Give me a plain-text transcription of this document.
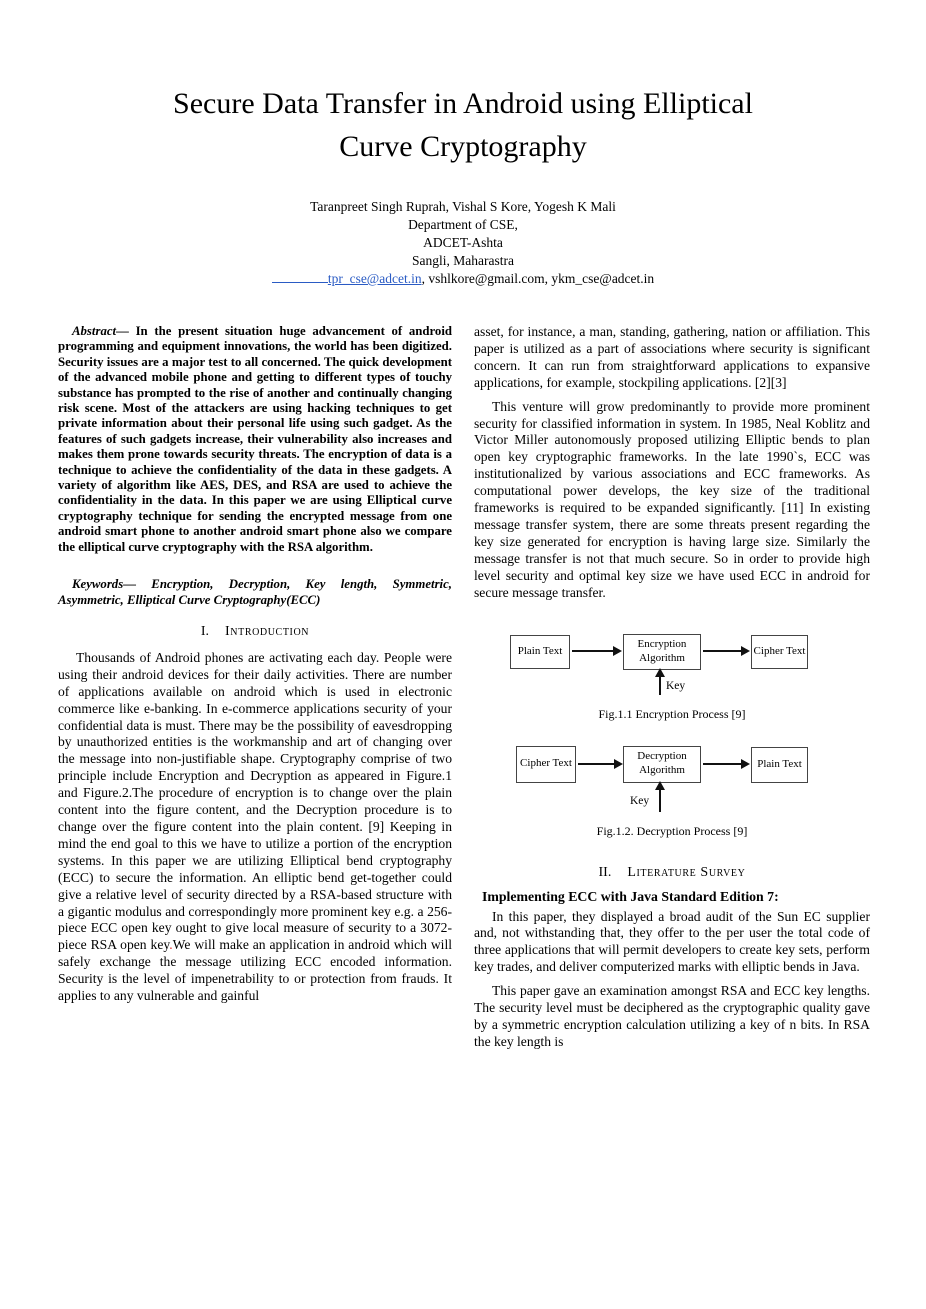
Secure Data Transfer in Android using Elliptical
Curve Cryptography
Taranpreet Singh Ruprah, Vishal S Kore, Yogesh K Mali
Department of CSE,
ADCET-Ashta
Sangli, Maharastra
tpr_cse@adcet.in, vshlkore@gmail.com, ykm_cse@adcet.in

Abstract— In the present situation huge advancement of android programming and equipment innovations, the world has been digitized. Security issues are a major test to all concerned. The quick development of the advanced mobile phone and getting to different types of touchy substance has prompted to the rise of another and continually changing risk scene. Most of the attackers are using hacking techniques to get private information about their personal life using such gadget. As the features of such gadgets increase, their vulnerability also increases and makes them prone towards security threats. The encryption of data is a technique to achieve the confidentiality of the data in these gadgets. A variety of algorithm like AES, DES, and RSA are used to achieve the confidentiality in the data. In this paper we are using Elliptical curve cryptography technique for sending the encrypted message from one android smart phone to another android smart phone also we compare the elliptical curve cryptography with the RSA algorithm.

Keywords— Encryption, Decryption, Key length, Symmetric, Asymmetric, Elliptical Curve Cryptography(ECC)

I. Introduction

Thousands of Android phones are activating each day. People were using their android devices for their daily activities. There are number of applications available on android which is used in electronic commerce like e-banking. In e-commerce applications security of your confidential data is must. There may be the possibility of eavesdropping by unauthorized entities is the workmanship and art of changing over the message into non-justifiable shape. Cryptography comprise of two principle include Encryption and Decryption as appeared in Figure.1 and Figure.2.The procedure of encryption is to change over the plain content into the figure content, and the Decryption procedure is to change over the figure content into the plain content. [9] Keeping in mind the end goal to this we have to utilize a portion of the encryption systems. In this paper we are utilizing Elliptical bend cryptography (ECC) to secure the information. An elliptic bend get-together could give a relative level of security directed by a RSA-based structure with a gigantic modulus and correspondingly more prominent key e.g. a 256-piece ECC open key ought to give local measure of security to a 3072-piece RSA open key.We will make an application in android which will safely exchange the message utilizing ECC encoded information. Security is the level of impenetrability to or protection from frauds. It applies to any vulnerable and gainful

asset, for instance, a man, standing, gathering, nation or affiliation. This paper is utilized as a part of associations where security is significant concern. It can run from straightforward applications to expansive applications, for example, stockpiling applications. [2][3]

This venture will grow predominantly to provide more prominent security for classified information in system. In 1985, Neal Koblitz and Victor Miller autonomously proposed utilizing Elliptic bends to plan open key cryptographic frameworks. In the late 1990`s, ECC was institutionalized by various associations and ECC frameworks. As computational power develops, the key size of the traditional frameworks is required to be expanded significantly. [11] In existing message transfer system, there are some threats present regarding the key size generated for encryption is having large size. Similarly the message transfer is not that much secure. So in order to provide high level security and optimal key size we have used ECC in android for secure message transfer.

Plain Text
Encryption Algorithm
Cipher Text
Key
Fig.1.1 Encryption Process [9]
Cipher Text
Decryption Algorithm
Plain Text
Key
Fig.1.2. Decryption Process [9]
II. Literature Survey
Implementing ECC with Java Standard Edition 7:

In this paper, they displayed a broad audit of the Sun EC supplier and, not withstanding that, they offer to the per user the total code of three applications that will permit developers to create key sets, perform key trades, and deliver computerized marks with elliptic bends in Java.

This paper gave an examination amongst RSA and ECC key lengths. The security level must be deciphered as the cryptographic quality gave by a symmetric encryption calculation utilizing a key of n bits. In RSA the key length is
